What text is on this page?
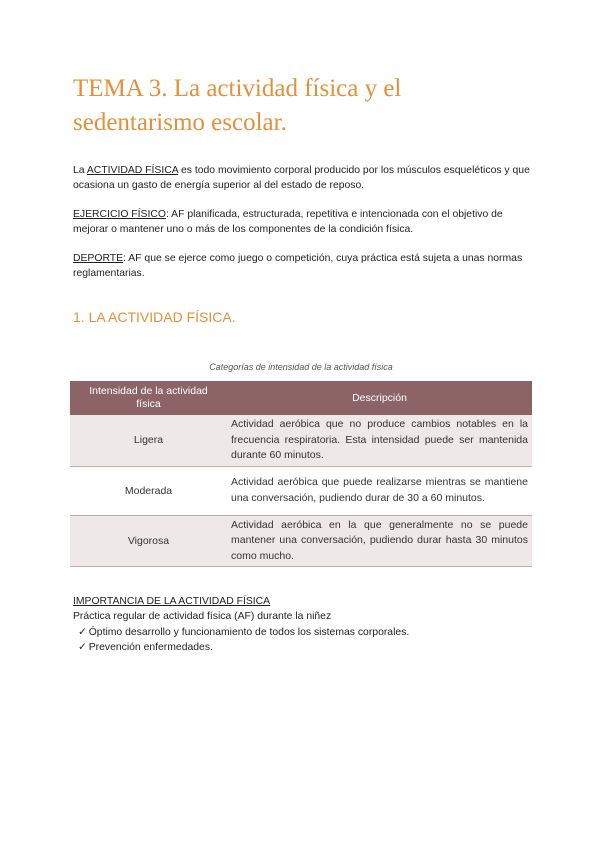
TEMA 3. La actividad física y el sedentarismo escolar.

La ACTIVIDAD FÍSICA es todo movimiento corporal producido por los músculos esqueléticos y que ocasiona un gasto de energía superior al del estado de reposo.

EJERCICIO FÍSICO: AF planificada, estructurada, repetitiva e intencionada con el objetivo de mejorar o mantener uno o más de los componentes de la condición física.

DEPORTE: AF que se ejerce como juego o competición, cuya práctica está sujeta a unas normas reglamentarias.

1. LA ACTIVIDAD FÍSICA.
Categorías de intensidad de la actividad física
Intensidad de la actividad física	Descripción
Ligera	Actividad aeróbica que no produce cambios notables en la frecuencia respiratoria. Esta intensidad puede ser mantenida durante 60 minutos.
Moderada	Actividad aeróbica que puede realizarse mientras se mantiene una conversación, pudiendo durar de 30 a 60 minutos.
Vigorosa	Actividad aeróbica en la que generalmente no se puede mantener una conversación, pudiendo durar hasta 30 minutos como mucho.
IMPORTANCIA DE LA ACTIVIDAD FÍSICA

Práctica regular de actividad física (AF) durante la niñez

✓ Óptimo desarrollo y funcionamiento de todos los sistemas corporales.
✓ Prevención enfermedades.
